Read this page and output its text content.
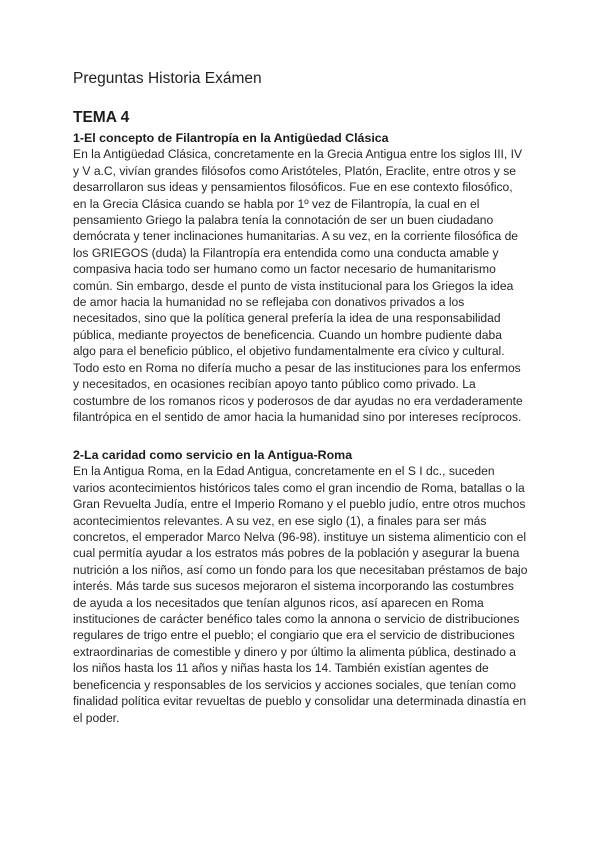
Preguntas Historia Exámen
TEMA 4
1-El concepto de Filantropía en la Antigüedad Clásica

En la Antigüedad Clásica, concretamente en la Grecia Antigua entre los siglos III, IV
y V a.C, vivían grandes filósofos como Aristóteles, Platón, Eraclite, entre otros y se
desarrollaron sus ideas y pensamientos filosóficos. Fue en ese contexto filosófico,
en la Grecia Clásica cuando se habla por 1º vez de Filantropía, la cual en el
pensamiento Griego la palabra tenía la connotación de ser un buen ciudadano
demócrata y tener inclinaciones humanitarias. A su vez, en la corriente filosófica de
los GRIEGOS (duda) la Filantropía era entendida como una conducta amable y
compasiva hacia todo ser humano como un factor necesario de humanitarismo
común. Sin embargo, desde el punto de vista institucional para los Griegos la idea
de amor hacia la humanidad no se reflejaba con donativos privados a los
necesitados, sino que la política general prefería la idea de una responsabilidad
pública, mediante proyectos de beneficencia. Cuando un hombre pudiente daba
algo para el beneficio público, el objetivo fundamentalmente era cívico y cultural.
Todo esto en Roma no difería mucho a pesar de las instituciones para los enfermos
y necesitados, en ocasiones recibían apoyo tanto público como privado. La
costumbre de los romanos ricos y poderosos de dar ayudas no era verdaderamente
filantrópica en el sentido de amor hacia la humanidad sino por intereses recíprocos.

2-La caridad como servicio en la Antigua-Roma

En la Antigua Roma, en la Edad Antigua, concretamente en el S I dc., suceden
varios acontecimientos históricos tales como el gran incendio de Roma, batallas o la
Gran Revuelta Judía, entre el Imperio Romano y el pueblo judío, entre otros muchos
acontecimientos relevantes. A su vez, en ese siglo (1), a finales para ser más
concretos, el emperador Marco Nelva (96-98). instituye un sistema alimenticio con el
cual permitía ayudar a los estratos más pobres de la población y asegurar la buena
nutrición a los niños, así como un fondo para los que necesitaban préstamos de bajo
interés. Más tarde sus sucesos mejoraron el sistema incorporando las costumbres
de ayuda a los necesitados que tenían algunos ricos, así aparecen en Roma
instituciones de carácter benéfico tales como la annona o servicio de distribuciones
regulares de trigo entre el pueblo; el congiario que era el servicio de distribuciones
extraordinarias de comestible y dinero y por último la alimenta pública, destinado a
los niños hasta los 11 años y niñas hasta los 14. También existían agentes de
beneficencia y responsables de los servicios y acciones sociales, que tenían como
finalidad política evitar revueltas de pueblo y consolidar una determinada dinastía en
el poder.
